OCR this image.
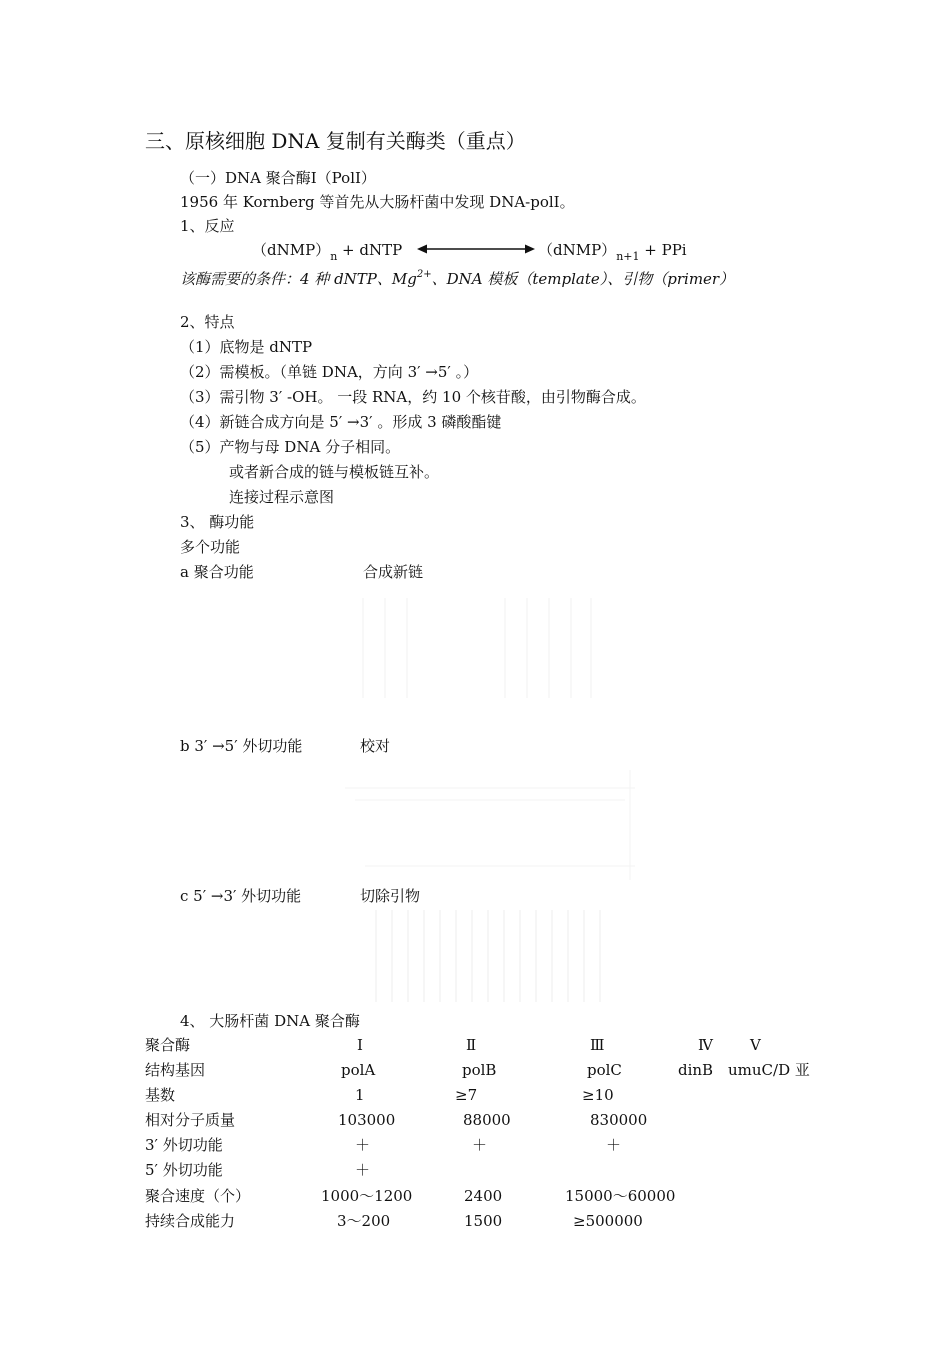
三、原核细胞 DNA 复制有关酶类（重点）
（一）DNA 聚合酶Ⅰ（PolⅠ）
1956 年 Kornberg 等首先从大肠杆菌中发现 DNA-polⅠ。
1、反应
$(dNMP)_n$ + dNTP	$(dNMP)_{n+1}$ + PPi
该酶需要的条件：4 种 dNTP、$Mg^{2+}$、DNA 模板（template）、引物（primer）
2、特点
（1）底物是 dNTP
（2）需模板。（单链 DNA，方向 3′ →5′ 。）
（3）需引物 3′ -OH。 一段 RNA，约 10 个核苷酸，由引物酶合成。
（4）新链合成方向是 5′ →3′ 。形成 3 磷酸酯键
（5）产物与母 DNA 分子相同。
或者新合成的链与模板链互补。
连接过程示意图
3、 酶功能
多个功能
a 聚合功能	合成新链
b 3′ →5′ 外切功能	校对
c 5′ →3′ 外切功能	切除引物
4、 大肠杆菌 DNA 聚合酶
聚合酶	Ⅰ	Ⅱ	Ⅲ	Ⅳ Ⅴ
结构基因	polA	polB	polC	dinB umuC/D 亚
基数	1	≥7	≥10
相对分子质量	103000	88000	830000
3′ 外切功能	＋	＋	＋
5′ 外切功能	＋
聚合速度（个）	1000～1200	2400	15000～60000
持续合成能力	3～200	1500	≥500000
